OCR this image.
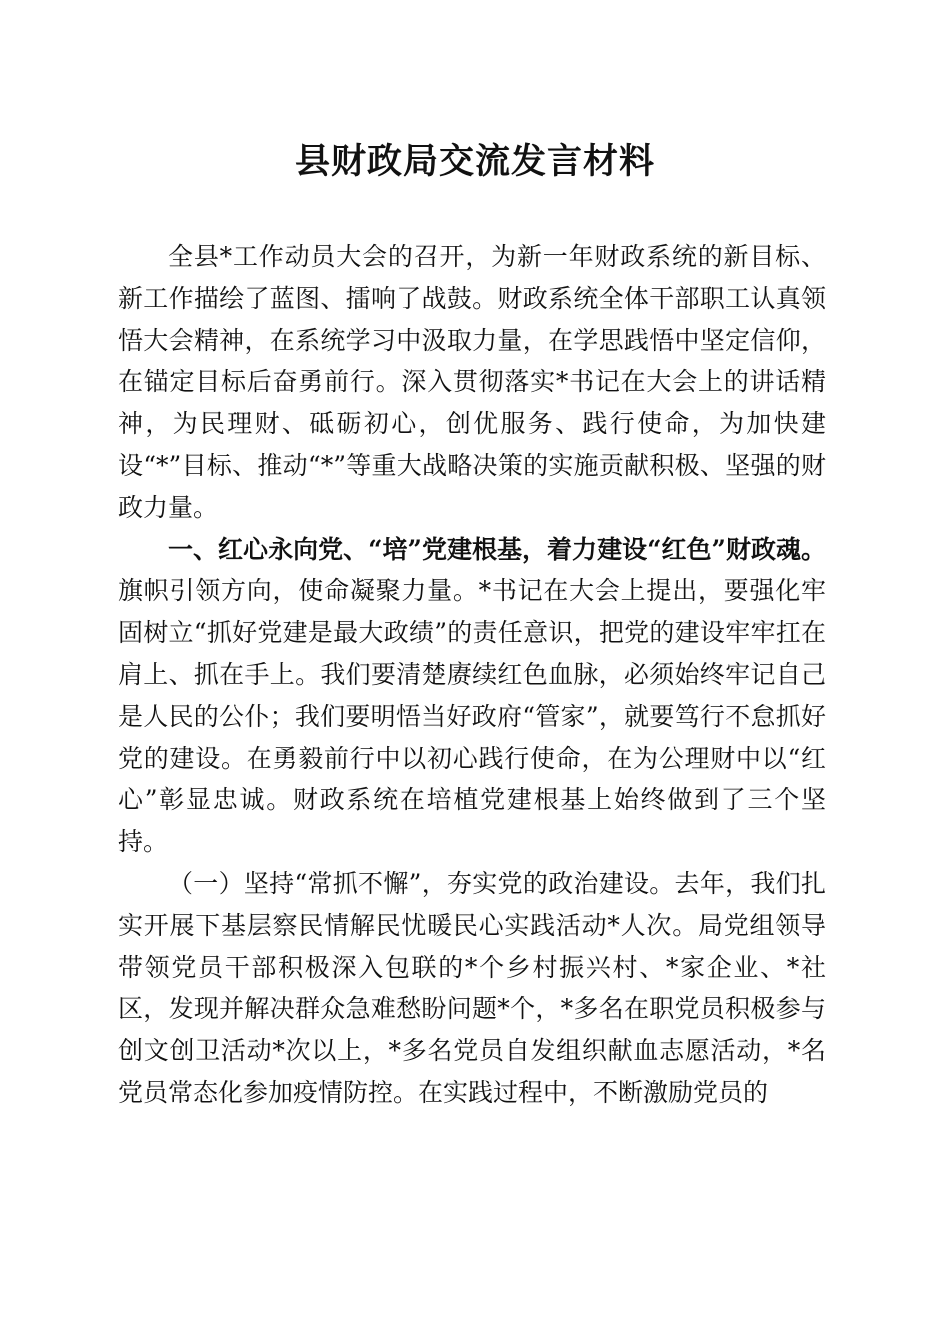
县财政局交流发言材料

全县*工作动员大会的召开，为新一年财政系统的新目标、新工作描绘了蓝图、擂响了战鼓。财政系统全体干部职工认真领悟大会精神，在系统学习中汲取力量，在学思践悟中坚定信仰，在锚定目标后奋勇前行。深入贯彻落实*书记在大会上的讲话精神，为民理财、砥砺初心，创优服务、践行使命，为加快建设“*”目标、推动“*”等重大战略决策的实施贡献积极、坚强的财政力量。

一、红心永向党、“培”党建根基，着力建设“红色”财政魂。旗帜引领方向，使命凝聚力量。*书记在大会上提出，要强化牢固树立“抓好党建是最大政绩”的责任意识，把党的建设牢牢扛在肩上、抓在手上。我们要清楚赓续红色血脉，必须始终牢记自己是人民的公仆；我们要明悟当好政府“管家”，就要笃行不怠抓好党的建设。在勇毅前行中以初心践行使命，在为公理财中以“红心”彰显忠诚。财政系统在培植党建根基上始终做到了三个坚持。

（一）坚持“常抓不懈”，夯实党的政治建设。去年，我们扎实开展下基层察民情解民忧暖民心实践活动*人次。局党组领导带领党员干部积极深入包联的*个乡村振兴村、*家企业、*社区，发现并解决群众急难愁盼问题*个，*多名在职党员积极参与创文创卫活动*次以上，*多名党员自发组织献血志愿活动，*名党员常态化参加疫情防控。在实践过程中，不断激励党员的
